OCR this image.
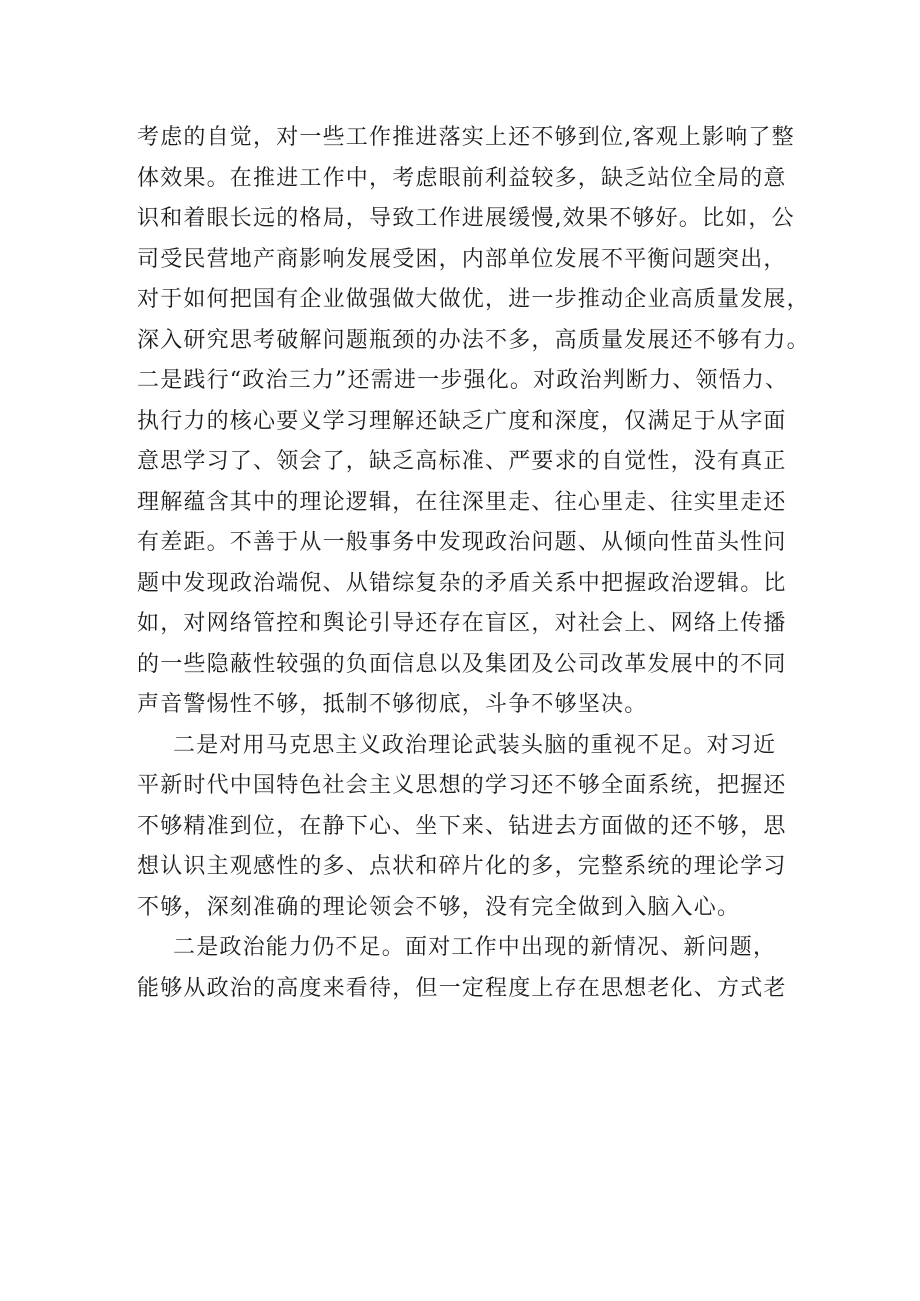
考虑的自觉，对一些工作推进落实上还不够到位,客观上影响了整
体效果。在推进工作中，考虑眼前利益较多，缺乏站位全局的意
识和着眼长远的格局，导致工作进展缓慢,效果不够好。比如，公
司受民营地产商影响发展受困，内部单位发展不平衡问题突出，
对于如何把国有企业做强做大做优，进一步推动企业高质量发展，
深入研究思考破解问题瓶颈的办法不多，高质量发展还不够有力。
二是践行“政治三力”还需进一步强化。对政治判断力、领悟力、
执行力的核心要义学习理解还缺乏广度和深度，仅满足于从字面
意思学习了、领会了，缺乏高标准、严要求的自觉性，没有真正
理解蕴含其中的理论逻辑，在往深里走、往心里走、往实里走还
有差距。不善于从一般事务中发现政治问题、从倾向性苗头性问
题中发现政治端倪、从错综复杂的矛盾关系中把握政治逻辑。比
如，对网络管控和舆论引导还存在盲区，对社会上、网络上传播
的一些隐蔽性较强的负面信息以及集团及公司改革发展中的不同
声音警惕性不够，抵制不够彻底，斗争不够坚决。
二是对用马克思主义政治理论武装头脑的重视不足。对习近
平新时代中国特色社会主义思想的学习还不够全面系统，把握还
不够精准到位，在静下心、坐下来、钻进去方面做的还不够，思
想认识主观感性的多、点状和碎片化的多，完整系统的理论学习
不够，深刻准确的理论领会不够，没有完全做到入脑入心。
二是政治能力仍不足。面对工作中出现的新情况、新问题，
能够从政治的高度来看待，但一定程度上存在思想老化、方式老
